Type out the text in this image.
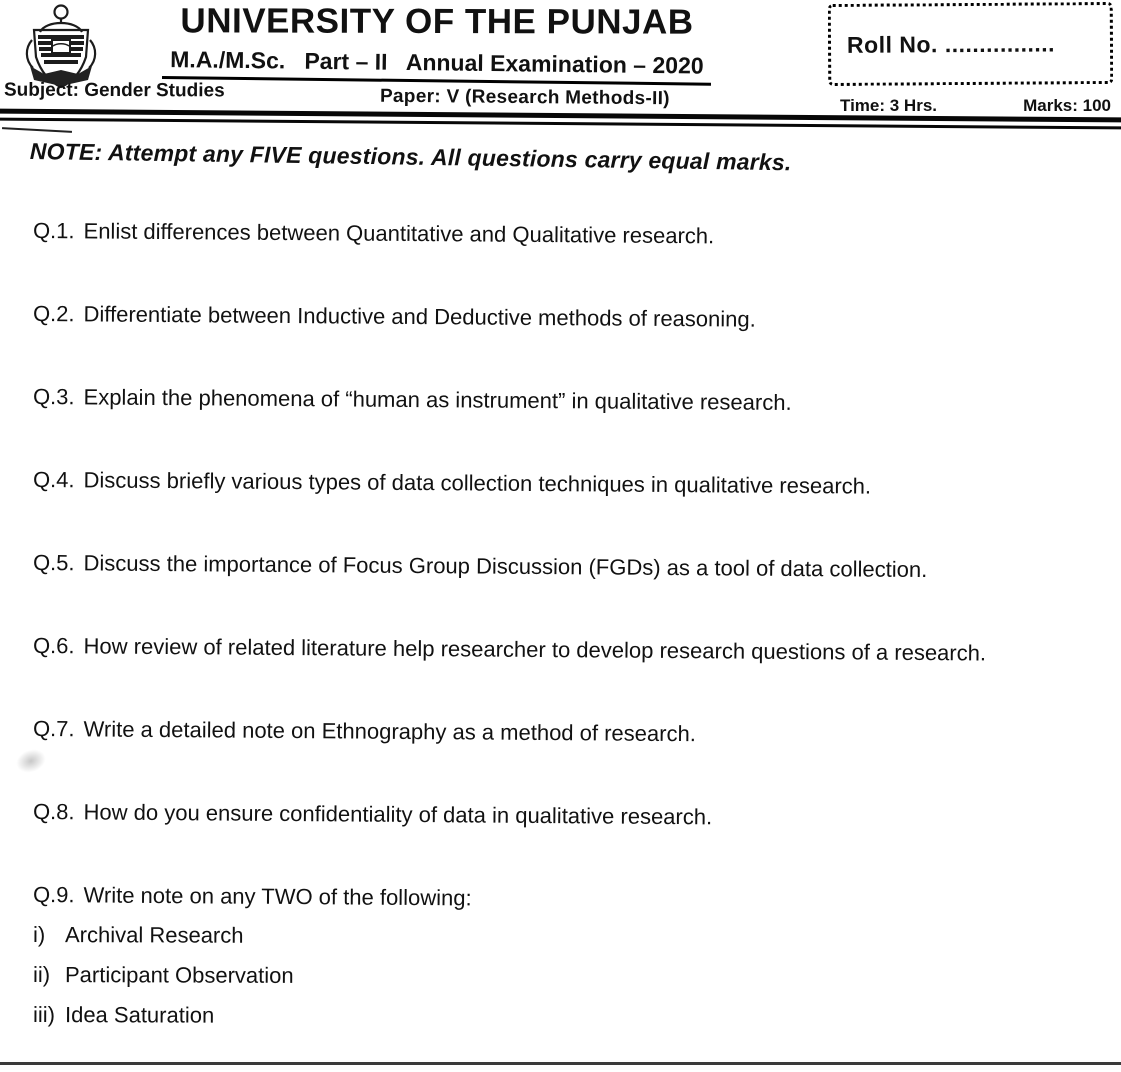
UNIVERSITY OF THE PUNJAB
M.A./M.Sc.   Part – II   Annual Examination – 2020
Subject: Gender Studies	Paper: V (Research Methods-II)
Roll No. ................
Time: 3 Hrs.	Marks: 100
NOTE: Attempt any FIVE questions. All questions carry equal marks.
Q.1. Enlist differences between Quantitative and Qualitative research.
Q.2. Differentiate between Inductive and Deductive methods of reasoning.
Q.3. Explain the phenomena of “human as instrument” in qualitative research.
Q.4. Discuss briefly various types of data collection techniques in qualitative research.
Q.5. Discuss the importance of Focus Group Discussion (FGDs) as a tool of data collection.
Q.6. How review of related literature help researcher to develop research questions of a research.
Q.7. Write a detailed note on Ethnography as a method of research.
Q.8. How do you ensure confidentiality of data in qualitative research.
Q.9. Write note on any TWO of the following:
i) Archival Research
ii) Participant Observation
iii) Idea Saturation
